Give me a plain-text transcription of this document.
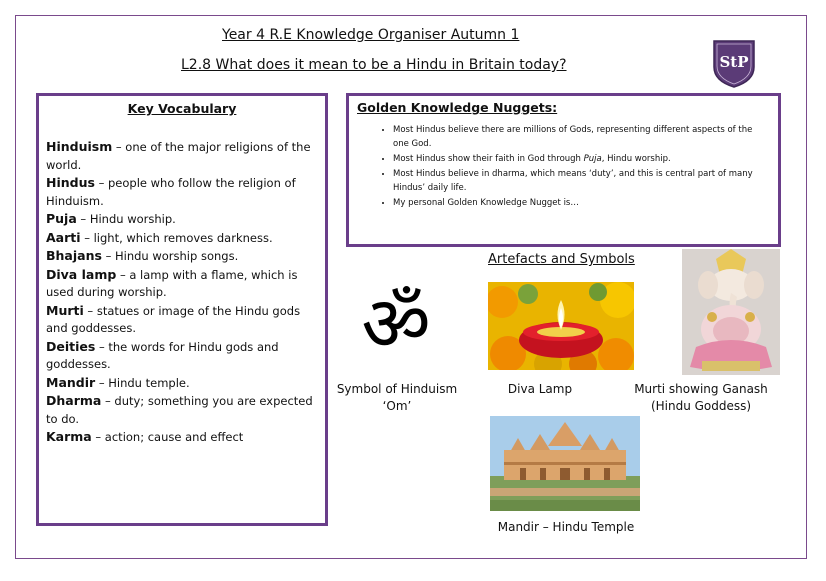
Year 4 R.E Knowledge Organiser Autumn 1
L2.8 What does it mean to be a Hindu in Britain today?	StP

Key Vocabulary

Hinduism – one of the major religions of the world.

Hindus – people who follow the religion of Hinduism.

Puja – Hindu worship.

Aarti – light, which removes darkness.

Bhajans – Hindu worship songs.

Diva lamp – a lamp with a flame, which is used during worship.

Murti – statues or image of the Hindu gods and goddesses.

Deities – the words for Hindu gods and goddesses.

Mandir – Hindu temple.

Dharma – duty; something you are expected to do.

Karma – action; cause and effect

Golden Knowledge Nuggets:

• Most Hindus believe there are millions of Gods, representing different aspects of the one God.
• Most Hindus show their faith in God through Puja, Hindu worship.
• Most Hindus believe in dharma, which means ‘duty’, and this is central part of many Hindus’ daily life.
• My personal Golden Knowledge Nugget is…
Artefacts and Symbols
ॐ
Symbol of Hinduism ‘Om’
Diva Lamp	Murti showing Ganash (Hindu Goddess)
Mandir – Hindu Temple
